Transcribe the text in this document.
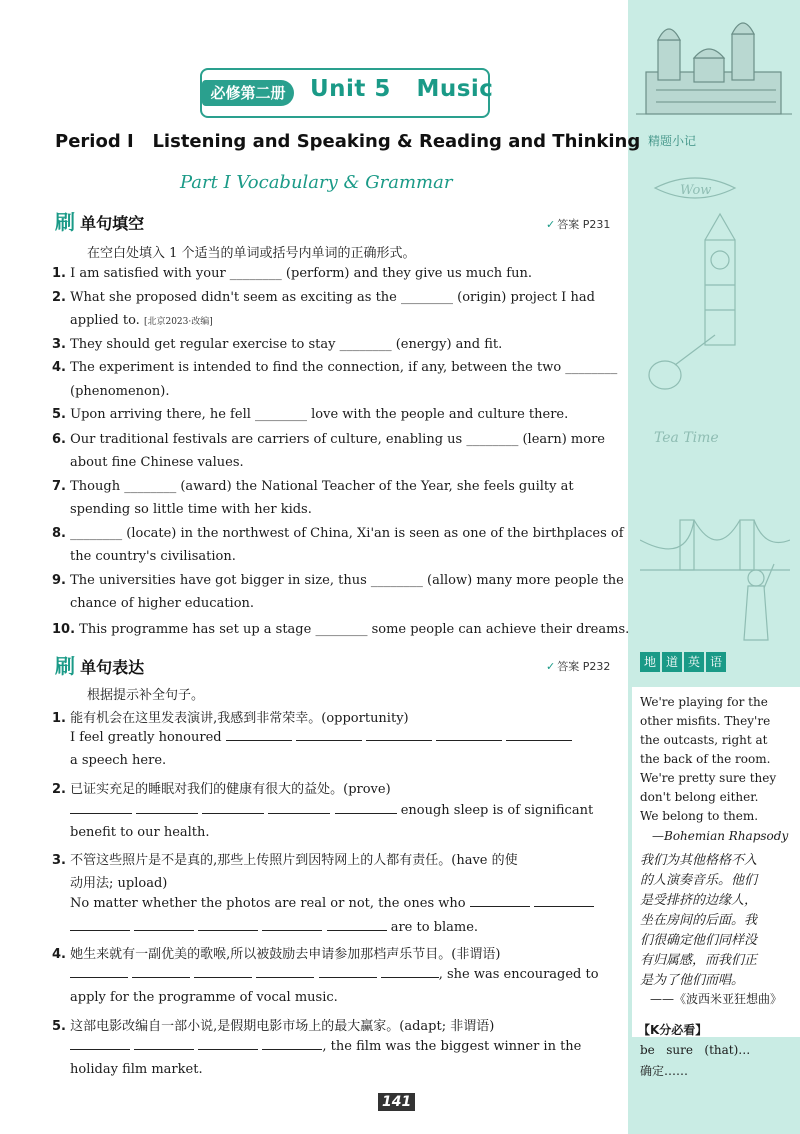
精题小记
Wow
Tea Time
地 道 英 语
We're playing for the
other misfits. They're
the outcasts, right at
the back of the room.
We're pretty sure they
don't belong either.
We belong to them.
—Bohemian Rhapsody
我们为其他格格不入
的人演奏音乐。他们
是受排挤的边缘人，
坐在房间的后面。我
们很确定他们同样没
有归属感，而我们正
是为了他们而唱。
——《波西米亚狂想曲》
【K分必看】
be   sure   (that)…
确定……
必修第二册	Unit 5   Music
Period I   Listening and Speaking & Reading and Thinking
Part I Vocabulary & Grammar
刷 单句填空	✓ 答案 P231
在空白处填入 1 个适当的单词或括号内单词的正确形式。
1. I am satisfied with your ________ (perform) and they give us much fun.
2. What she proposed didn't seem as exciting as the ________ (origin) project I had
applied to. [北京2023·改编]
3. They should get regular exercise to stay ________ (energy) and fit.
4. The experiment is intended to find the connection, if any, between the two ________
(phenomenon).
5. Upon arriving there, he fell ________ love with the people and culture there.
6. Our traditional festivals are carriers of culture, enabling us ________ (learn) more
about fine Chinese values.
7. Though ________ (award) the National Teacher of the Year, she feels guilty at
spending so little time with her kids.
8. ________ (locate) in the northwest of China, Xi'an is seen as one of the birthplaces of
the country's civilisation.
9. The universities have got bigger in size, thus ________ (allow) many more people the
chance of higher education.
10. This programme has set up a stage ________ some people can achieve their dreams.
刷 单句表达	✓ 答案 P232
根据提示补全句子。
1. 能有机会在这里发表演讲,我感到非常荣幸。(opportunity)
I feel greatly honoured
a speech here.
2. 已证实充足的睡眠对我们的健康有很大的益处。(prove)
enough sleep is of significant
benefit to our health.
3. 不管这些照片是不是真的,那些上传照片到因特网上的人都有责任。(have 的使
动用法; upload)
No matter whether the photos are real or not, the ones who
are to blame.
4. 她生来就有一副优美的歌喉,所以被鼓励去申请参加那档声乐节目。(非谓语)
, she was encouraged to
apply for the programme of vocal music.
5. 这部电影改编自一部小说,是假期电影市场上的最大赢家。(adapt; 非谓语)
, the film was the biggest winner in the
holiday film market.
141
